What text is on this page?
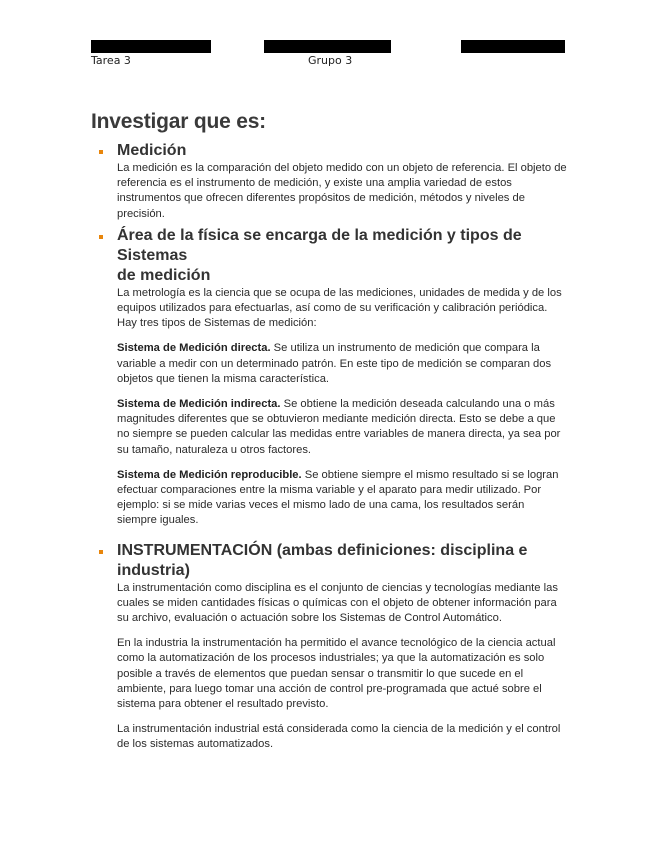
Tarea 3	Grupo 3
Investigar que es:
Medición

La medición es la comparación del objeto medido con un objeto de referencia. El objeto de referencia es el instrumento de medición, y existe una amplia variedad de estos instrumentos que ofrecen diferentes propósitos de medición, métodos y niveles de precisión.

Área de la física se encarga de la medición y tipos de Sistemas
de medición

La metrología es la ciencia que se ocupa de las mediciones, unidades de medida y de los equipos utilizados para efectuarlas, así como de su verificación y calibración periódica. Hay tres tipos de Sistemas de medición:

Sistema de Medición directa. Se utiliza un instrumento de medición que compara la variable a medir con un determinado patrón. En este tipo de medición se comparan dos objetos que tienen la misma característica.

Sistema de Medición indirecta. Se obtiene la medición deseada calculando una o más magnitudes diferentes que se obtuvieron mediante medición directa. Esto se debe a que no siempre se pueden calcular las medidas entre variables de manera directa, ya sea por su tamaño, naturaleza u otros factores.

Sistema de Medición reproducible. Se obtiene siempre el mismo resultado si se logran efectuar comparaciones entre la misma variable y el aparato para medir utilizado. Por ejemplo: si se mide varias veces el mismo lado de una cama, los resultados serán siempre iguales.

INSTRUMENTACIÓN (ambas definiciones: disciplina e
industria)

La instrumentación como disciplina es el conjunto de ciencias y tecnologías mediante las cuales se miden cantidades físicas o químicas con el objeto de obtener información para su archivo, evaluación o actuación sobre los Sistemas de Control Automático.

En la industria la instrumentación ha permitido el avance tecnológico de la ciencia actual como la automatización de los procesos industriales; ya que la automatización es solo posible a través de elementos que puedan sensar o transmitir lo que sucede en el ambiente, para luego tomar una acción de control pre-programada que actué sobre el sistema para obtener el resultado previsto.

La instrumentación industrial está considerada como la ciencia de la medición y el control de los sistemas automatizados.
